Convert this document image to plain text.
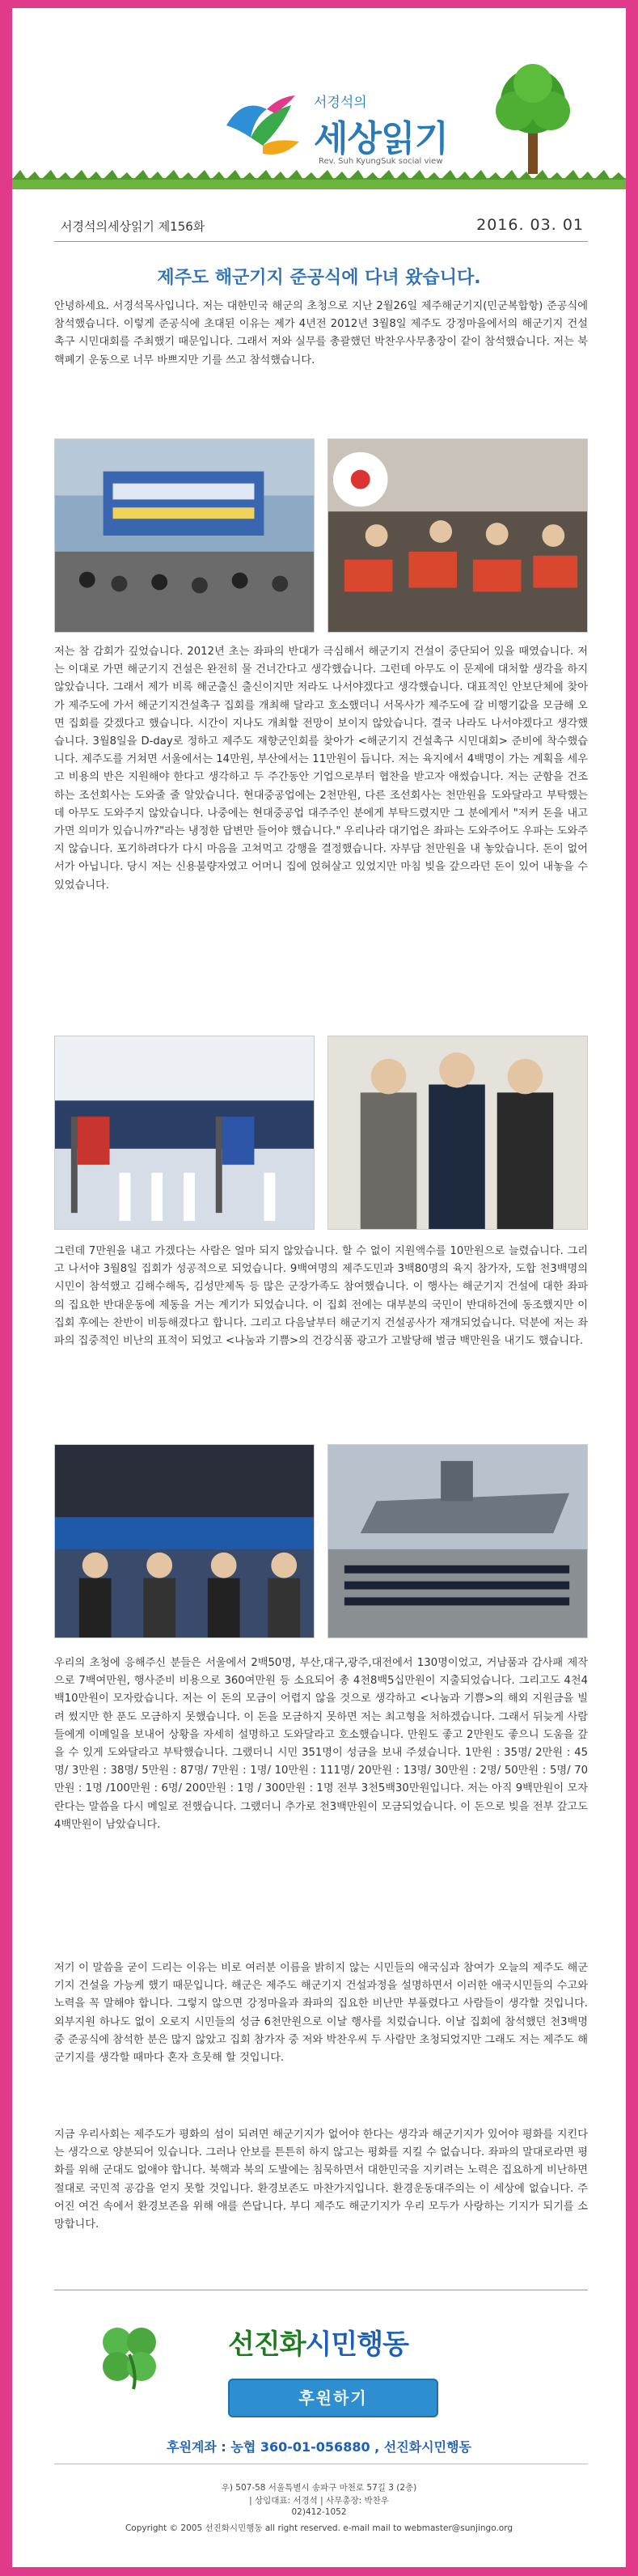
서경석의
세상읽기
Rev. Suh KyungSuk social view
서경석의세상읽기 제156화	2016. 03. 01
제주도 해군기지 준공식에 다녀 왔습니다.

안녕하세요. 서경석목사입니다. 저는 대한민국 해군의 초청으로 지난 2월26일 제주해군기지(민군복합항) 준공식에 참석했습니다. 이렇게 준공식에 초대된 이유는 제가 4년전 2012년 3월8일 제주도 강정마을에서의 해군기지 건설촉구 시민대회를 주최했기 때문입니다. 그래서 저와 실무를 총괄했던 박찬우사무총장이 같이 참석했습니다. 저는 북핵폐기 운동으로 너무 바쁘지만 기를 쓰고 참석했습니다.

저는 참 감회가 깊었습니다. 2012년 초는 좌파의 반대가 극심해서 해군기지 건설이 중단되어 있을 때였습니다. 저는 이대로 가면 해군기지 건설은 완전히 물 건너간다고 생각했습니다. 그런데 아무도 이 문제에 대처할 생각을 하지 않았습니다. 그래서 제가 비록 해군출신 출신이지만 저라도 나서야겠다고 생각했습니다. 대표적인 안보단체에 찾아가 제주도에 가서 해군기지건설촉구 집회를 개최해 달라고 호소했더니 서목사가 제주도에 갈 비행기값을 모금해 오면 집회를 갖겠다고 했습니다. 시간이 지나도 개최할 전망이 보이지 않았습니다. 결국 나라도 나서야겠다고 생각했습니다. 3월8일을 D-day로 정하고 제주도 재향군인회를 찾아가 <해군기지 건설촉구 시민대회> 준비에 착수했습니다. 제주도를 거쳐면 서울에서는 14만원, 부산에서는 11만원이 듭니다. 저는 육지에서 4백명이 가는 계획을 세우고 비용의 반은 지원해야 한다고 생각하고 두 주간동안 기업으로부터 협찬을 받고자 애썼습니다. 저는 군함을 건조하는 조선회사는 도와줄 줄 알았습니다. 현대중공업에는 2천만원, 다른 조선회사는 천만원을 도와달라고 부탁했는데 아무도 도와주지 않았습니다. 나중에는 현대중공업 대주주인 분에게 부탁드렸지만 그 분에게서 "저커 돈을 내고 가면 의미가 있습니까?"라는 냉정한 답변만 들어야 했습니다." 우리나라 대기업은 좌파는 도와주어도 우파는 도와주지 않습니다. 포기하려다가 다시 마음을 고쳐먹고 강행을 결정했습니다. 자부담 천만원을 내 놓았습니다. 돈이 없어서가 아닙니다. 당시 저는 신용불량자였고 어머니 집에 얹혀살고 있었지만 마침 빚을 갚으라던 돈이 있어 내놓을 수 있었습니다.

그런데 7만원을 내고 가겠다는 사람은 얼마 되지 않았습니다. 할 수 없이 지원액수를 10만원으로 늘렸습니다. 그리고 나서야 3월8일 집회가 성공적으로 되었습니다. 9백여명의 제주도민과 3백80명의 육지 참가자, 도합 천3백명의 시민이 참석했고 김해수해독, 김성만제독 등 많은 군장가족도 참여했습니다. 이 행사는 해군기지 건설에 대한 좌파의 집요한 반대운동에 제동을 거는 계기가 되었습니다. 이 집회 전에는 대부분의 국민이 반대하건에 동조했지만 이 집회 후에는 찬반이 비등해졌다고 합니다. 그리고 다음날부터 해군기지 건설공사가 재개되었습니다. 덕분에 저는 좌파의 집중적인 비난의 표적이 되었고 <나눔과 기쁨>의 건강식품 광고가 고발당해 벌금 백만원을 내기도 했습니다.

우리의 초청에 응해주신 분들은 서울에서 2백50명, 부산,대구,광주,대전에서 130명이었고, 거남품과 감사패 제작으로 7백여만원, 행사준비 비용으로 360여만원 등 소요되어 총 4천8백5십만원이 지출되었습니다. 그리고도 4천4백10만원이 모자랐습니다. 저는 이 돈의 모금이 어렵지 않을 것으로 생각하고 <나눔과 기쁨>의 해외 지원금을 빌려 썼지만 한 푼도 모금하지 못했습니다. 이 돈을 모금하지 못하면 저는 최고형을 처하겠습니다. 그래서 뒤늦게 사람들에게 이메일을 보내어 상황을 자세히 설명하고 도와달라고 호소했습니다. 만원도 좋고 2만원도 좋으니 도움을 갚을 수 있게 도와달라고 부탁했습니다. 그랬더니 시민 351명이 성금을 보내 주셨습니다. 1만원 : 35명/ 2만원 : 45명/ 3만원 : 38명/ 5만원 : 87명/ 7만원 : 1명/ 10만원 : 111명/ 20만원 : 13명/ 30만원 : 2명/ 50만원 : 5명/ 70만원 : 1명 /100만원 : 6명/ 200만원 : 1명 / 300만원 : 1명 전부 3천5백30만원입니다. 저는 아직 9백만원이 모자란다는 말씀을 다시 메일로 전했습니다. 그랬더니 추가로 천3백만원이 모금되었습니다. 이 돈으로 빚을 전부 갚고도 4백만원이 남았습니다.

저기 이 말씀을 굳이 드리는 이유는 비로 여러분 이름을 밝히지 않는 시민들의 애국심과 참여가 오늘의 제주도 해군기지 건설을 가능케 했기 때문입니다. 해군은 제주도 해군기지 건설과정을 설명하면서 이러한 애국시민들의 수고와 노력을 꼭 말해야 합니다. 그렇지 않으면 강정마을과 좌파의 집요한 비난만 부풀렸다고 사람들이 생각할 것입니다. 외부지원 하나도 없이 오로지 시민들의 성금 6천만원으로 이날 행사를 치렀습니다. 이날 집회에 참석했던 천3백명 중 준공식에 참석한 분은 많지 않았고 집회 참가자 중 저와 박찬우씨 두 사람만 초청되었지만 그래도 저는 제주도 해군기지를 생각할 때마다 혼자 흐뭇해 할 것입니다.

지금 우리사회는 제주도가 평화의 섬이 되려면 해군기지가 없어야 한다는 생각과 해군기지가 있어야 평화를 지킨다는 생각으로 양분되어 있습니다. 그러나 안보를 튼튼히 하지 않고는 평화를 지킬 수 없습니다. 좌파의 말대로라면 평화를 위해 군대도 없애야 합니다. 북핵과 북의 도발에는 침묵하면서 대한민국을 지키려는 노력은 집요하게 비난하면 절대로 국민적 공감을 얻지 못할 것입니다. 환경보존도 마찬가지입니다. 환경운동대주의는 이 세상에 없습니다. 주어진 여건 속에서 환경보존을 위해 애를 쓴답니다. 부디 제주도 해군기지가 우리 모두가 사랑하는 기지가 되기를 소망합니다.

선진화시민행동
후원하기
후원계좌 : 농협 360-01-056880 , 선진화시민행동
우) 507-58 서울특별시 송파구 마천로 57길 3 (2층)
| 상임대표: 서경석 | 사무총장: 박찬우
02)412-1052
Copyright © 2005 선진화시민행동 all right reserved. e-mail mail to webmaster@sunjingo.org
